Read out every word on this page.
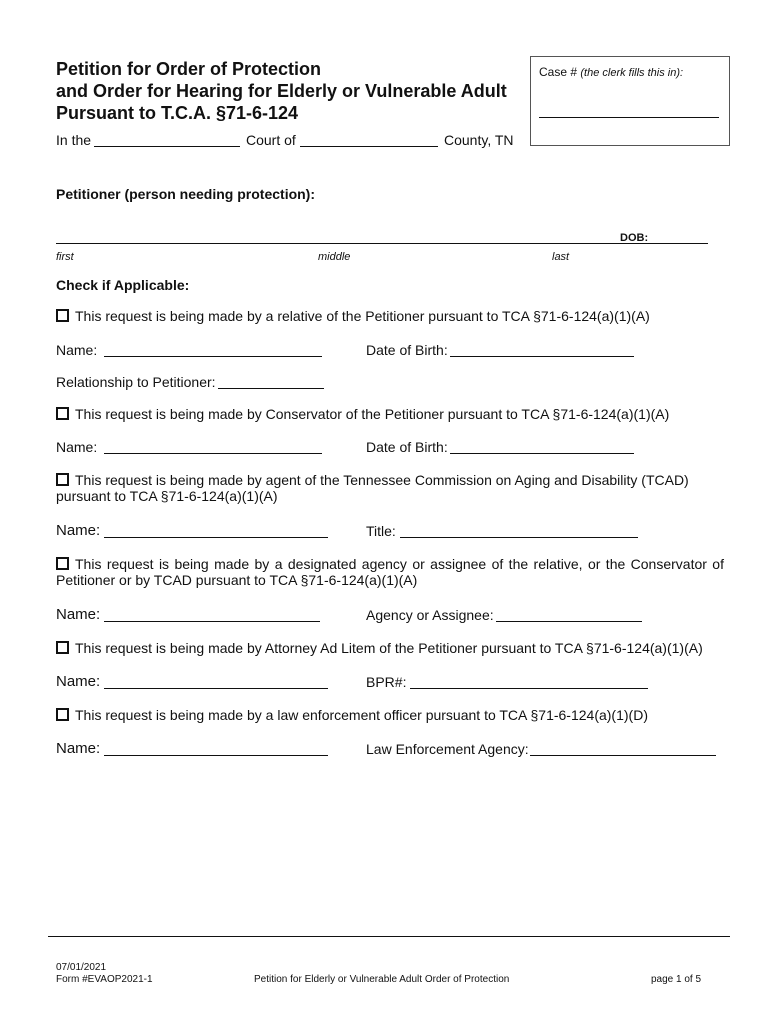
Petition for Order of Protection
and Order for Hearing for Elderly or Vulnerable Adult
Pursuant to T.C.A. §71-6-124
Case # (the clerk fills this in):
In the	Court of	County, TN
Petitioner (person needing protection):
DOB:
first	middle	last
Check if Applicable:
This request is being made by a relative of the Petitioner pursuant to TCA §71-6-124(a)(1)(A)
Name:	Date of Birth:
Relationship to Petitioner:
This request is being made by Conservator of the Petitioner pursuant to TCA §71-6-124(a)(1)(A)
Name:	Date of Birth:
This request is being made by agent of the Tennessee Commission on Aging and Disability (TCAD) pursuant to TCA §71-6-124(a)(1)(A)
Name:	Title:
This request is being made by a designated agency or assignee of the relative, or the Conservator of Petitioner or by TCAD pursuant to TCA §71-6-124(a)(1)(A)
Name:	Agency or Assignee:
This request is being made by Attorney Ad Litem of the Petitioner pursuant to TCA §71-6-124(a)(1)(A)
Name:	BPR#:
This request is being made by a law enforcement officer pursuant to TCA §71-6-124(a)(1)(D)
Name:	Law Enforcement Agency:
07/01/2021
Form #EVAOP2021-1	Petition for Elderly or Vulnerable Adult Order of Protection	page 1 of 5
